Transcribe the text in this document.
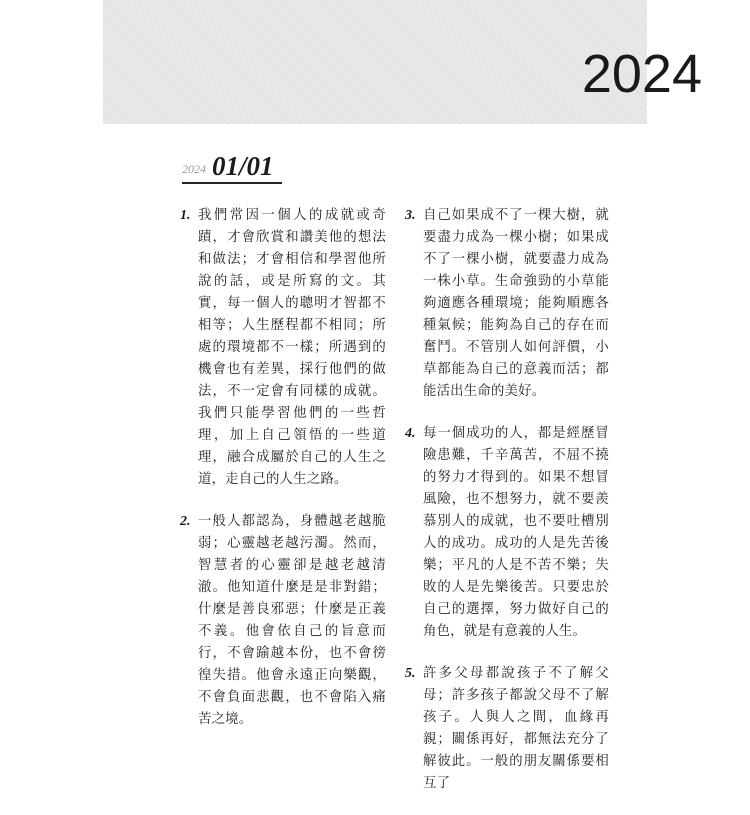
2024
2024 01/01
1. 我們常因一個人的成就或奇蹟，才會欣賞和讚美他的想法和做法；才會相信和學習他所說的話，或是所寫的文。其實，每一個人的聰明才智都不相等；人生歷程都不相同；所處的環境都不一樣；所遇到的機會也有差異，採行他們的做法，不一定會有同樣的成就。我們只能學習他們的一些哲理，加上自己領悟的一些道理，融合成屬於自己的人生之道，走自己的人生之路。
2. 一般人都認為，身體越老越脆弱；心靈越老越污濁。然而，智慧者的心靈卻是越老越清澈。他知道什麼是是非對錯；什麼是善良邪惡；什麼是正義不義。他會依自己的旨意而行，不會踰越本份，也不會徬徨失措。他會永遠正向樂觀，不會負面悲觀，也不會陷入痛苦之境。
3. 自己如果成不了一棵大樹，就要盡力成為一棵小樹；如果成不了一棵小樹，就要盡力成為一株小草。生命強勁的小草能夠適應各種環境；能夠順應各種氣候；能夠為自己的存在而奮鬥。不管別人如何評價，小草都能為自己的意義而活；都能活出生命的美好。
4. 每一個成功的人，都是經歷冒險患難，千辛萬苦，不屈不撓的努力才得到的。如果不想冒風險，也不想努力，就不要羨慕別人的成就，也不要吐槽別人的成功。成功的人是先苦後樂；平凡的人是不苦不樂；失敗的人是先樂後苦。只要忠於自己的選擇，努力做好自己的角色，就是有意義的人生。
5. 許多父母都說孩子不了解父母；許多孩子都說父母不了解孩子。人與人之間，血緣再親；關係再好，都無法充分了解彼此。一般的朋友關係要相互了
